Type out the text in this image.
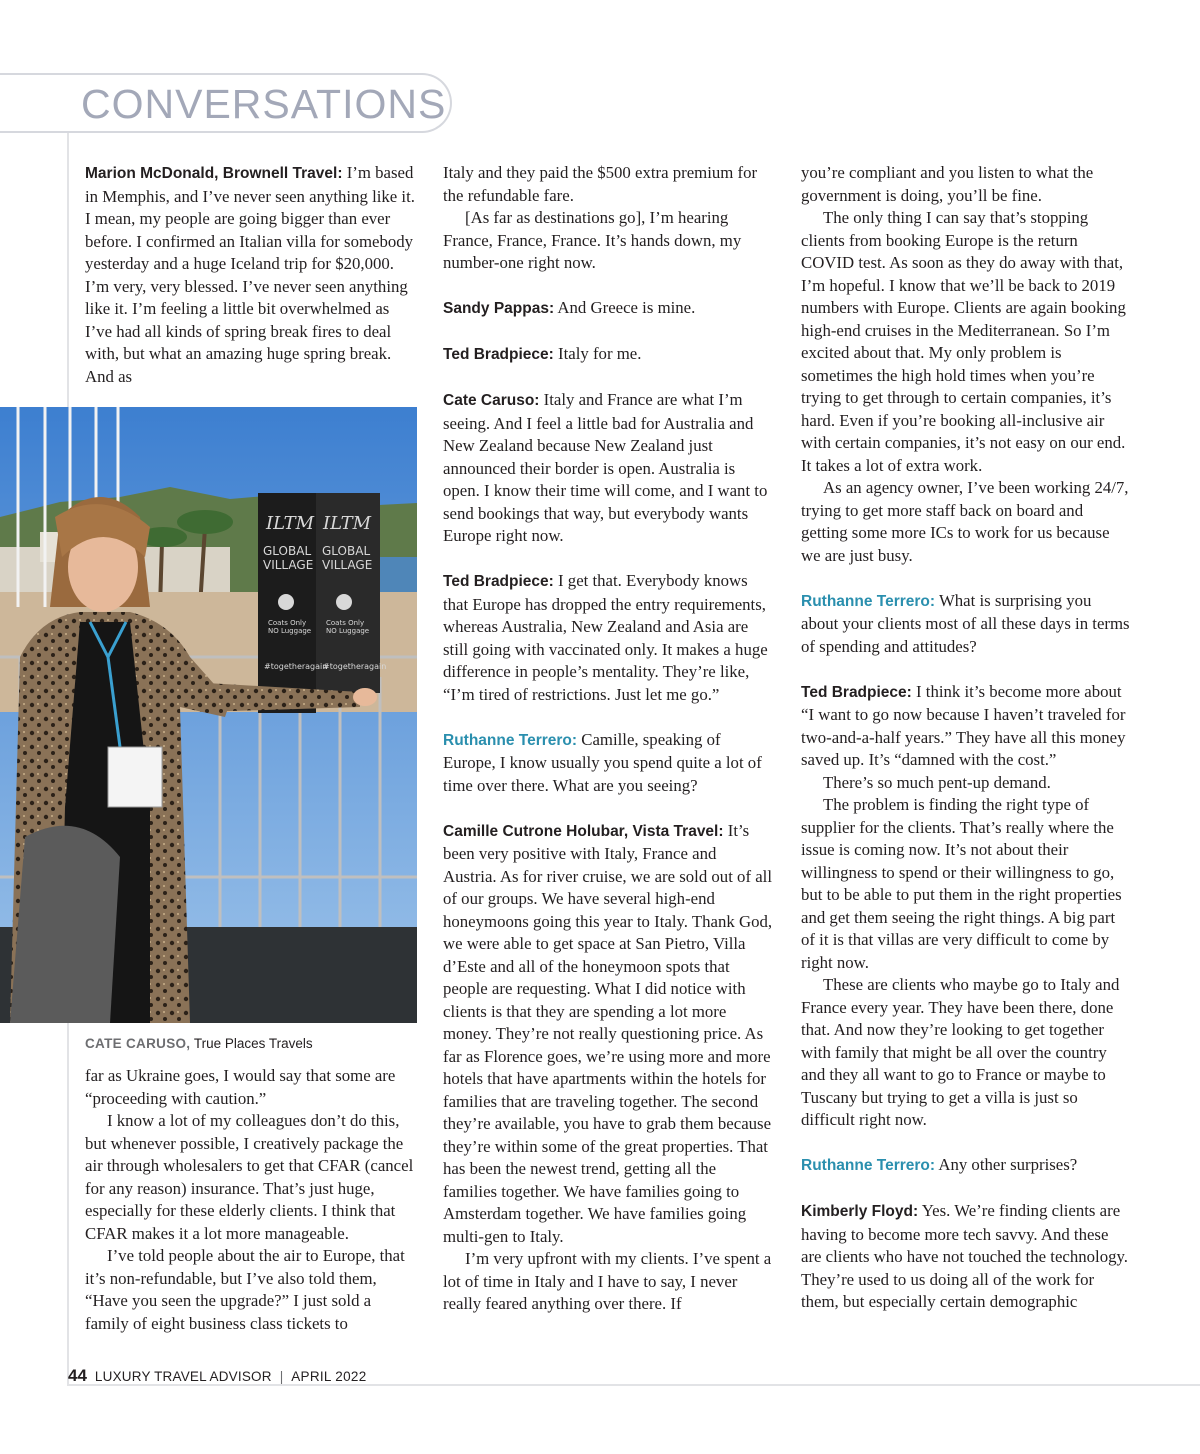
CONVERSATIONS

Marion McDonald, Brownell Travel: I’m based in Memphis, and I’ve never seen anything like it. I mean, my people are going bigger than ever before. I confirmed an Italian villa for somebody yesterday and a huge Iceland trip for $20,000. I’m very, very blessed. I’ve never seen anything like it. I’m feeling a little bit overwhelmed as I’ve had all kinds of spring break fires to deal with, but what an amazing huge spring break. And as

ILTM ILTM
GLOBAL
VILLAGE
GLOBAL
VILLAGE
Coats Only
NO Luggage
Coats Only
NO Luggage
#togetheragain
#togetheragain
CATE CARUSO, True Places Travels

far as Ukraine goes, I would say that some are “proceeding with caution.”

I know a lot of my colleagues don’t do this, but whenever possible, I creatively package the air through wholesalers to get that CFAR (cancel for any reason) insurance. That’s just huge, especially for these elderly clients. I think that CFAR makes it a lot more manageable.

I’ve told people about the air to Europe, that it’s non-refundable, but I’ve also told them, “Have you seen the upgrade?” I just sold a family of eight business class tickets to

Italy and they paid the $500 extra premium for the refundable fare.

[As far as destinations go], I’m hearing France, France, France. It’s hands down, my number-one right now.

Sandy Pappas: And Greece is mine.

Ted Bradpiece: Italy for me.

Cate Caruso: Italy and France are what I’m seeing. And I feel a little bad for Australia and New Zealand because New Zealand just announced their border is open. Australia is open. I know their time will come, and I want to send bookings that way, but everybody wants Europe right now.

Ted Bradpiece: I get that. Everybody knows that Europe has dropped the entry requirements, whereas Australia, New Zealand and Asia are still going with vaccinated only. It makes a huge difference in people’s mentality. They’re like, “I’m tired of restrictions. Just let me go.”

Ruthanne Terrero: Camille, speaking of Europe, I know usually you spend quite a lot of time over there. What are you seeing?

Camille Cutrone Holubar, Vista Travel: It’s been very positive with Italy, France and Austria. As for river cruise, we are sold out of all of our groups. We have several high-end honeymoons going this year to Italy. Thank God, we were able to get space at San Pietro, Villa d’Este and all of the honeymoon spots that people are requesting. What I did notice with clients is that they are spending a lot more money. They’re not really questioning price. As far as Florence goes, we’re using more and more hotels that have apartments within the hotels for families that are traveling together. The second they’re available, you have to grab them because they’re within some of the great properties. That has been the newest trend, getting all the families together. We have families going to Amsterdam together. We have families going multi-gen to Italy.

I’m very upfront with my clients. I’ve spent a lot of time in Italy and I have to say, I never really feared anything over there. If

you’re compliant and you listen to what the government is doing, you’ll be fine.

The only thing I can say that’s stopping clients from booking Europe is the return COVID test. As soon as they do away with that, I’m hopeful. I know that we’ll be back to 2019 numbers with Europe. Clients are again booking high-end cruises in the Mediterranean. So I’m excited about that. My only problem is sometimes the high hold times when you’re trying to get through to certain companies, it’s hard. Even if you’re booking all-inclusive air with certain companies, it’s not easy on our end. It takes a lot of extra work.

As an agency owner, I’ve been working 24/7, trying to get more staff back on board and getting some more ICs to work for us because we are just busy.

Ruthanne Terrero: What is surprising you about your clients most of all these days in terms of spending and attitudes?

Ted Bradpiece: I think it’s become more about “I want to go now because I haven’t traveled for two-and-a-half years.” They have all this money saved up. It’s “damned with the cost.”

There’s so much pent-up demand.

The problem is finding the right type of supplier for the clients. That’s really where the issue is coming now. It’s not about their willingness to spend or their willingness to go, but to be able to put them in the right properties and get them seeing the right things. A big part of it is that villas are very difficult to come by right now.

These are clients who maybe go to Italy and France every year. They have been there, done that. And now they’re looking to get together with family that might be all over the country and they all want to go to France or maybe to Tuscany but trying to get a villa is just so difficult right now.

Ruthanne Terrero: Any other surprises?

Kimberly Floyd: Yes. We’re finding clients are having to become more tech savvy. And these are clients who have not touched the technology. They’re used to us doing all of the work for them, but especially certain demographic

44 LUXURY TRAVEL ADVISOR | APRIL 2022
